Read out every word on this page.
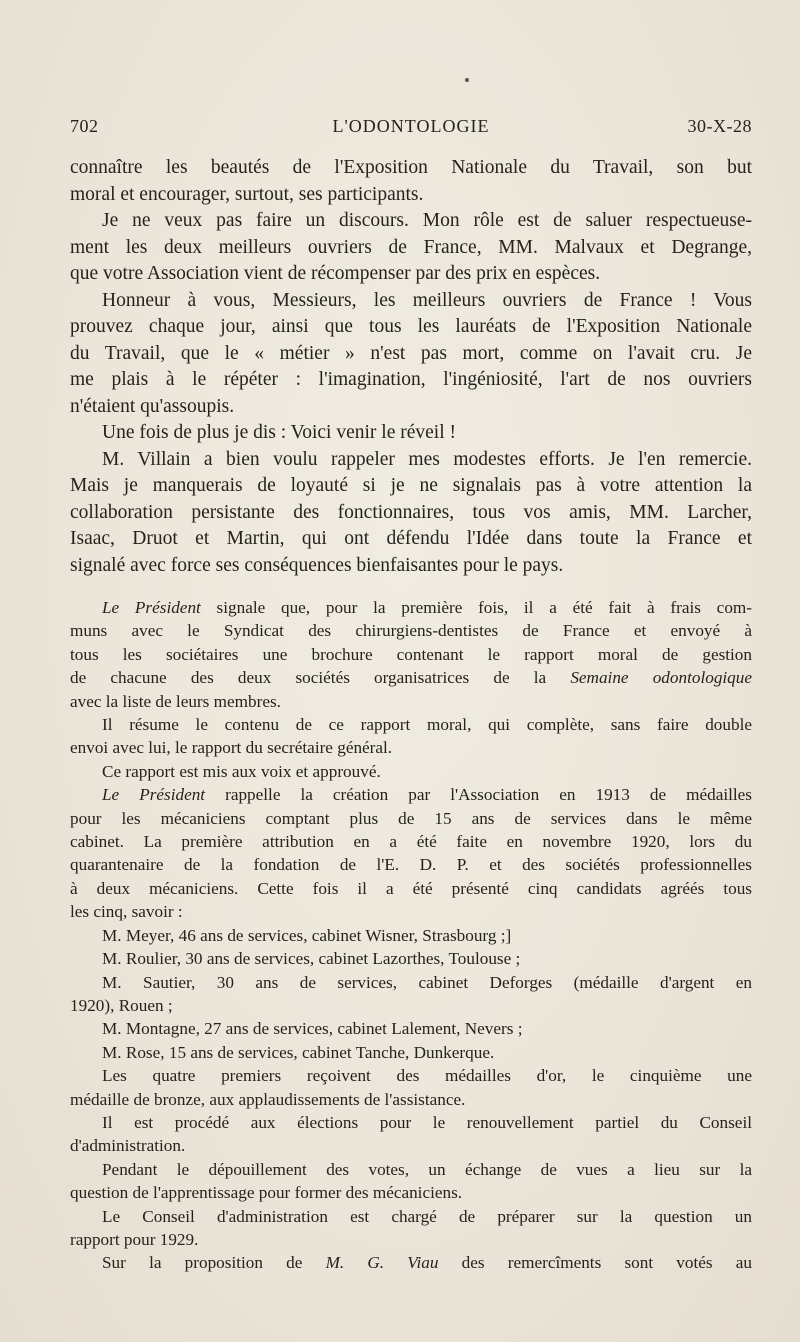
702	L'ODONTOLOGIE	30-X-28

connaître les beautés de l'Exposition Nationale du Travail, son but

moral et encourager, surtout, ses participants.

Je ne veux pas faire un discours. Mon rôle est de saluer respectueuse-

ment les deux meilleurs ouvriers de France, MM. Malvaux et Degrange,

que votre Association vient de récompenser par des prix en espèces.

Honneur à vous, Messieurs, les meilleurs ouvriers de France ! Vous

prouvez chaque jour, ainsi que tous les lauréats de l'Exposition Nationale

du Travail, que le « métier » n'est pas mort, comme on l'avait cru. Je

me plais à le répéter : l'imagination, l'ingéniosité, l'art de nos ouvriers

n'étaient qu'assoupis.

Une fois de plus je dis : Voici venir le réveil !

M. Villain a bien voulu rappeler mes modestes efforts. Je l'en remercie.

Mais je manquerais de loyauté si je ne signalais pas à votre attention la

collaboration persistante des fonctionnaires, tous vos amis, MM. Larcher,

Isaac, Druot et Martin, qui ont défendu l'Idée dans toute la France et

signalé avec force ses conséquences bienfaisantes pour le pays.

Le Président signale que, pour la première fois, il a été fait à frais com-

muns avec le Syndicat des chirurgiens-dentistes de France et envoyé à

tous les sociétaires une brochure contenant le rapport moral de gestion

de chacune des deux sociétés organisatrices de la Semaine odontologique

avec la liste de leurs membres.

Il résume le contenu de ce rapport moral, qui complète, sans faire double

envoi avec lui, le rapport du secrétaire général.

Ce rapport est mis aux voix et approuvé.

Le Président rappelle la création par l'Association en 1913 de médailles

pour les mécaniciens comptant plus de 15 ans de services dans le même

cabinet. La première attribution en a été faite en novembre 1920, lors du

quarantenaire de la fondation de l'E. D. P. et des sociétés professionnelles

à deux mécaniciens. Cette fois il a été présenté cinq candidats agréés tous

les cinq, savoir :

M. Meyer, 46 ans de services, cabinet Wisner, Strasbourg ;]

M. Roulier, 30 ans de services, cabinet Lazorthes, Toulouse ;

M. Sautier, 30 ans de services, cabinet Deforges (médaille d'argent en

1920), Rouen ;

M. Montagne, 27 ans de services, cabinet Lalement, Nevers ;

M. Rose, 15 ans de services, cabinet Tanche, Dunkerque.

Les quatre premiers reçoivent des médailles d'or, le cinquième une

médaille de bronze, aux applaudissements de l'assistance.

Il est procédé aux élections pour le renouvellement partiel du Conseil

d'administration.

Pendant le dépouillement des votes, un échange de vues a lieu sur la

question de l'apprentissage pour former des mécaniciens.

Le Conseil d'administration est chargé de préparer sur la question un

rapport pour 1929.

Sur la proposition de M. G. Viau des remercîments sont votés au
